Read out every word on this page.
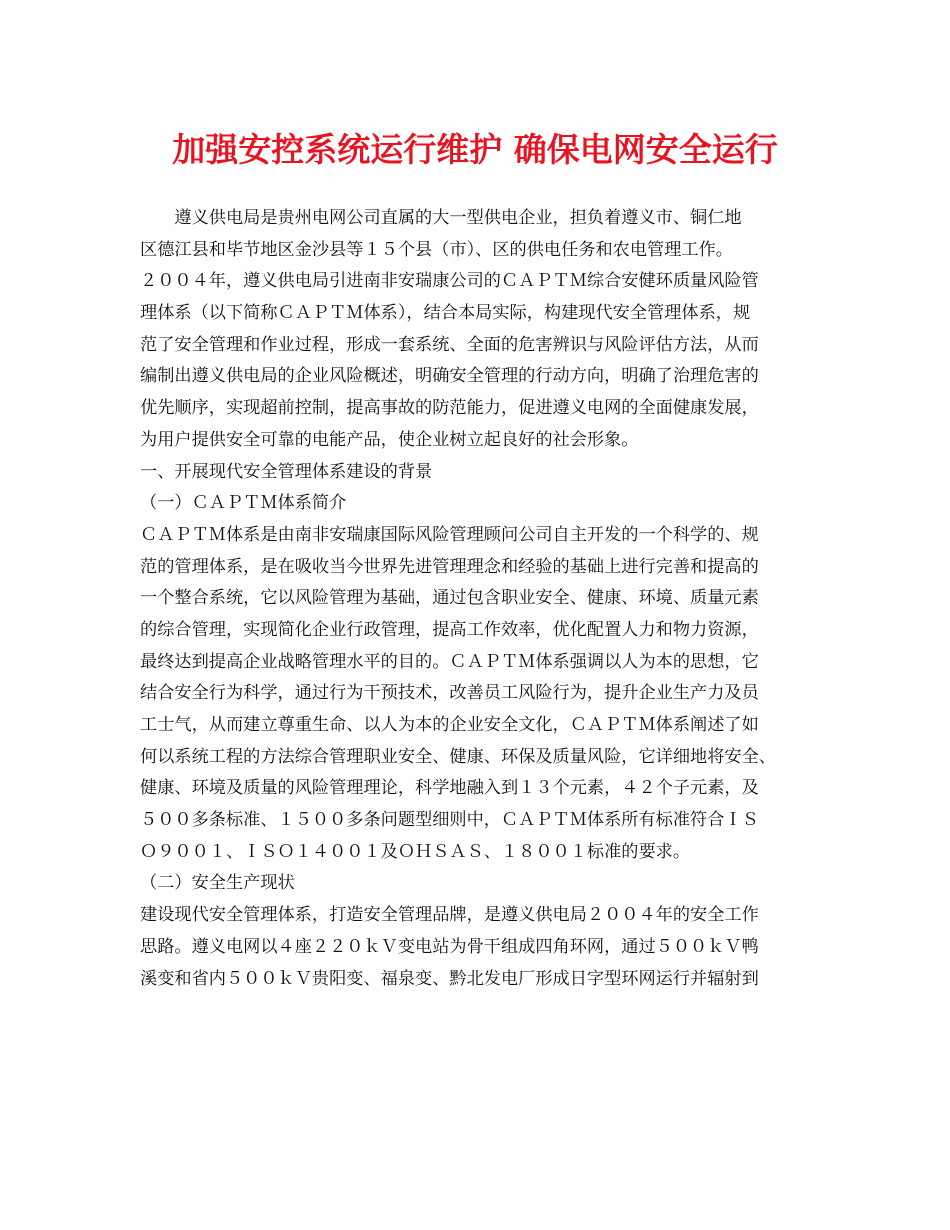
加强安控系统运行维护 确保电网安全运行
　　遵义供电局是贵州电网公司直属的大一型供电企业，担负着遵义市、铜仁地
区德江县和毕节地区金沙县等１５个县（市）、区的供电任务和农电管理工作。
２００４年，遵义供电局引进南非安瑞康公司的ＣＡＰＴＭ综合安健环质量风险管
理体系（以下简称ＣＡＰＴＭ体系），结合本局实际，构建现代安全管理体系，规
范了安全管理和作业过程，形成一套系统、全面的危害辨识与风险评估方法，从而
编制出遵义供电局的企业风险概述，明确安全管理的行动方向，明确了治理危害的
优先顺序，实现超前控制，提高事故的防范能力，促进遵义电网的全面健康发展，
为用户提供安全可靠的电能产品，使企业树立起良好的社会形象。
一、开展现代安全管理体系建设的背景
（一）ＣＡＰＴＭ体系简介
ＣＡＰＴＭ体系是由南非安瑞康国际风险管理顾问公司自主开发的一个科学的、规
范的管理体系，是在吸收当今世界先进管理理念和经验的基础上进行完善和提高的
一个整合系统，它以风险管理为基础，通过包含职业安全、健康、环境、质量元素
的综合管理，实现简化企业行政管理，提高工作效率，优化配置人力和物力资源，
最终达到提高企业战略管理水平的目的。ＣＡＰＴＭ体系强调以人为本的思想，它
结合安全行为科学，通过行为干预技术，改善员工风险行为，提升企业生产力及员
工士气，从而建立尊重生命、以人为本的企业安全文化，ＣＡＰＴＭ体系阐述了如
何以系统工程的方法综合管理职业安全、健康、环保及质量风险，它详细地将安全、
健康、环境及质量的风险管理理论，科学地融入到１３个元素，４２个子元素，及
５００多条标准、１５００多条问题型细则中，ＣＡＰＴＭ体系所有标准符合ＩＳ
Ｏ９００１、ＩＳＯ１４００１及ＯＨＳＡＳ、１８００１标准的要求。
（二）安全生产现状
建设现代安全管理体系，打造安全管理品牌，是遵义供电局２００４年的安全工作
思路。遵义电网以４座２２０ｋＶ变电站为骨干组成四角环网，通过５００ｋＶ鸭
溪变和省内５００ｋＶ贵阳变、福泉变、黔北发电厂形成日字型环网运行并辐射到
